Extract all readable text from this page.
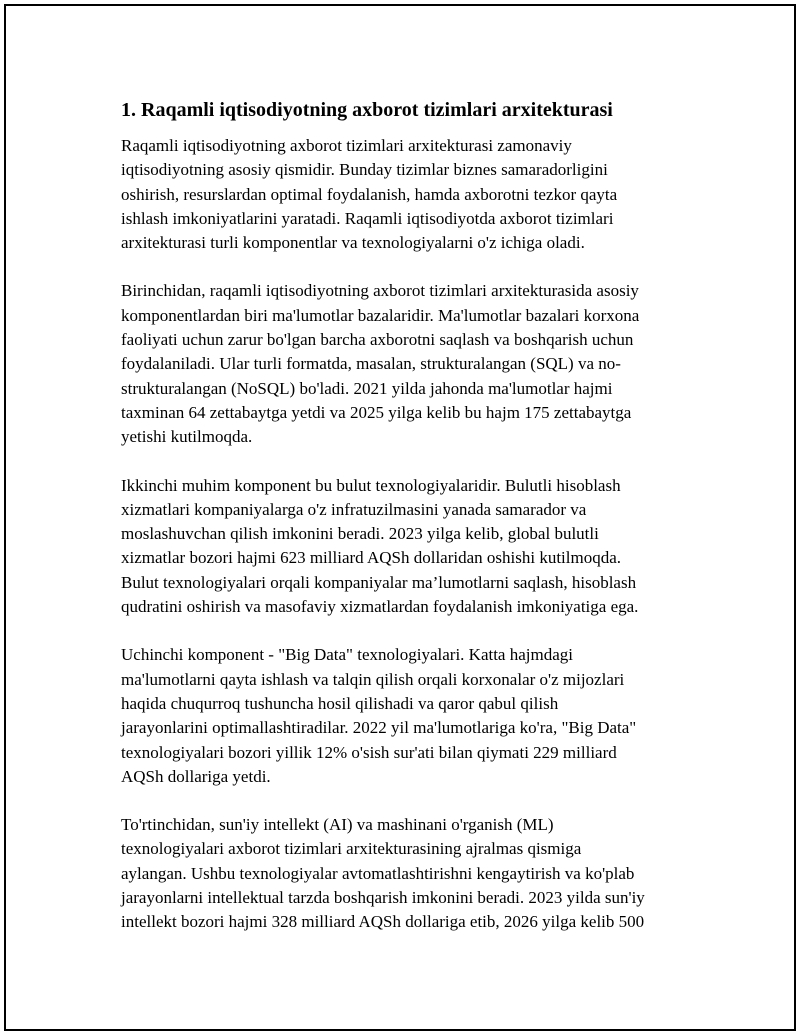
1. Raqamli iqtisodiyotning axborot tizimlari arxitekturasi
Raqamli iqtisodiyotning axborot tizimlari arxitekturasi zamonaviy
iqtisodiyotning asosiy qismidir. Bunday tizimlar biznes samaradorligini
oshirish, resurslardan optimal foydalanish, hamda axborotni tezkor qayta
ishlash imkoniyatlarini yaratadi. Raqamli iqtisodiyotda axborot tizimlari
arxitekturasi turli komponentlar va texnologiyalarni o'z ichiga oladi.
Birinchidan, raqamli iqtisodiyotning axborot tizimlari arxitekturasida asosiy
komponentlardan biri ma'lumotlar bazalaridir. Ma'lumotlar bazalari korxona
faoliyati uchun zarur bo'lgan barcha axborotni saqlash va boshqarish uchun
foydalaniladi. Ular turli formatda, masalan, strukturalangan (SQL) va no-
strukturalangan (NoSQL) bo'ladi. 2021 yilda jahonda ma'lumotlar hajmi
taxminan 64 zettabaytga yetdi va 2025 yilga kelib bu hajm 175 zettabaytga
yetishi kutilmoqda.
Ikkinchi muhim komponent bu bulut texnologiyalaridir. Bulutli hisoblash
xizmatlari kompaniyalarga o'z infratuzilmasini yanada samarador va
moslashuvchan qilish imkonini beradi. 2023 yilga kelib, global bulutli
xizmatlar bozori hajmi 623 milliard AQSh dollaridan oshishi kutilmoqda.
Bulut texnologiyalari orqali kompaniyalar ma’lumotlarni saqlash, hisoblash
qudratini oshirish va masofaviy xizmatlardan foydalanish imkoniyatiga ega.
Uchinchi komponent - "Big Data" texnologiyalari. Katta hajmdagi
ma'lumotlarni qayta ishlash va talqin qilish orqali korxonalar o'z mijozlari
haqida chuqurroq tushuncha hosil qilishadi va qaror qabul qilish
jarayonlarini optimallashtiradilar. 2022 yil ma'lumotlariga ko'ra, "Big Data"
texnologiyalari bozori yillik 12% o'sish sur'ati bilan qiymati 229 milliard
AQSh dollariga yetdi.
To'rtinchidan, sun'iy intellekt (AI) va mashinani o'rganish (ML)
texnologiyalari axborot tizimlari arxitekturasining ajralmas qismiga
aylangan. Ushbu texnologiyalar avtomatlashtirishni kengaytirish va ko'plab
jarayonlarni intellektual tarzda boshqarish imkonini beradi. 2023 yilda sun'iy
intellekt bozori hajmi 328 milliard AQSh dollariga etib, 2026 yilga kelib 500
